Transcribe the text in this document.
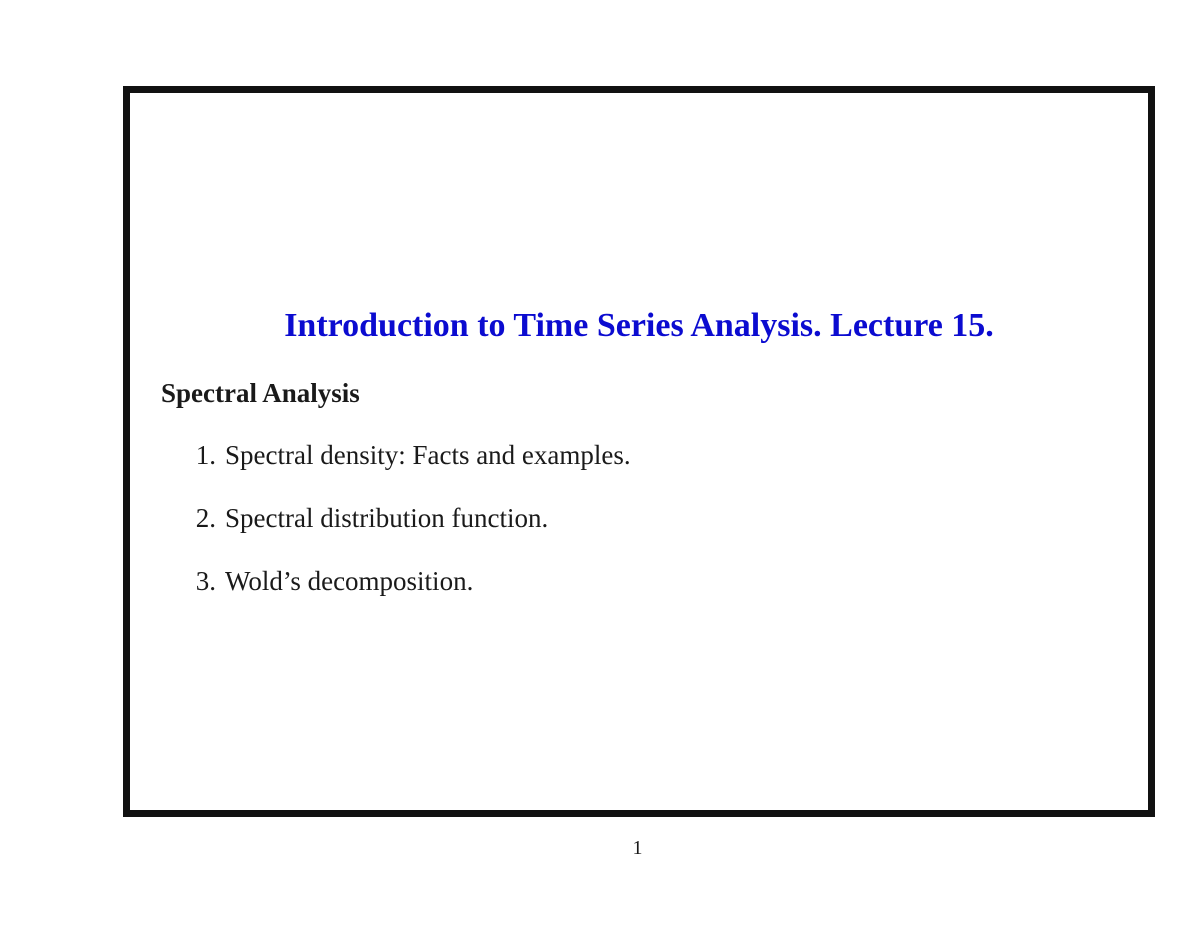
Introduction to Time Series Analysis. Lecture 15.
Spectral Analysis
1. Spectral density: Facts and examples.
2. Spectral distribution function.
3. Wold’s decomposition.
1
